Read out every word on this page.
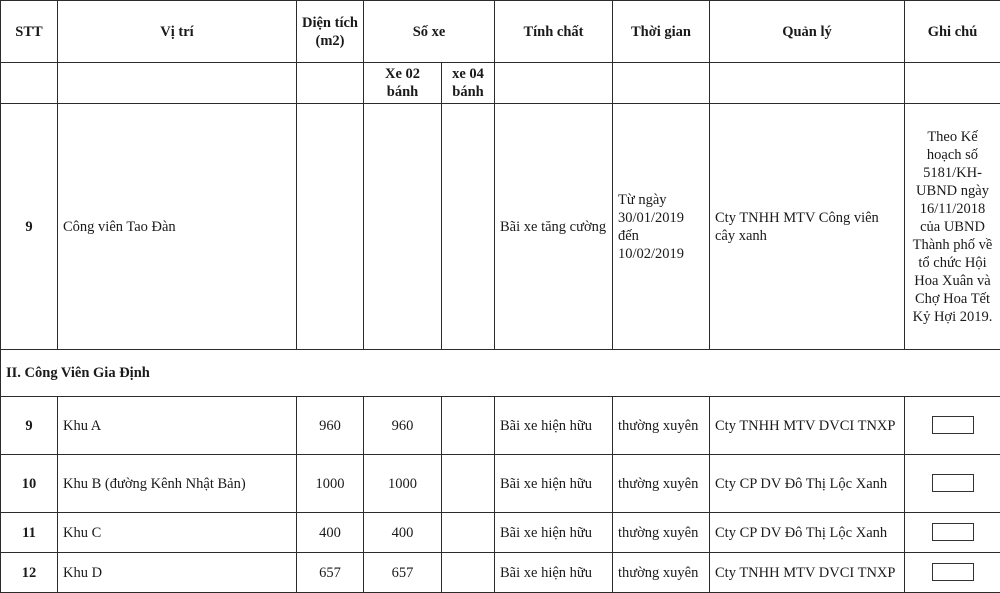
STT	Vị trí	Diện tích (m2)	Số xe		Tính chất	Thời gian	Quản lý	Ghi chú
			Xe 02 bánh	xe 04 bánh				
9	Công viên Tao Đàn				Bãi xe tăng cường	Từ ngày 30/01/2019 đến 10/02/2019	Cty TNHH MTV Công viên cây xanh	Theo Kế hoạch số 5181/KH-UBND ngày 16/11/2018 của UBND Thành phố về tổ chức Hội Hoa Xuân và Chợ Hoa Tết Kỷ Hợi 2019.
II. Công Viên Gia Định								
9	Khu A	960	960		Bãi xe hiện hữu	thường xuyên	Cty TNHH MTV DVCI TNXP	
10	Khu B (đường Kênh Nhật Bản)	1000	1000		Bãi xe hiện hữu	thường xuyên	Cty CP DV Đô Thị Lộc Xanh	
11	Khu C	400	400		Bãi xe hiện hữu	thường xuyên	Cty CP DV Đô Thị Lộc Xanh	
12	Khu D	657	657		Bãi xe hiện hữu	thường xuyên	Cty TNHH MTV DVCI TNXP	
